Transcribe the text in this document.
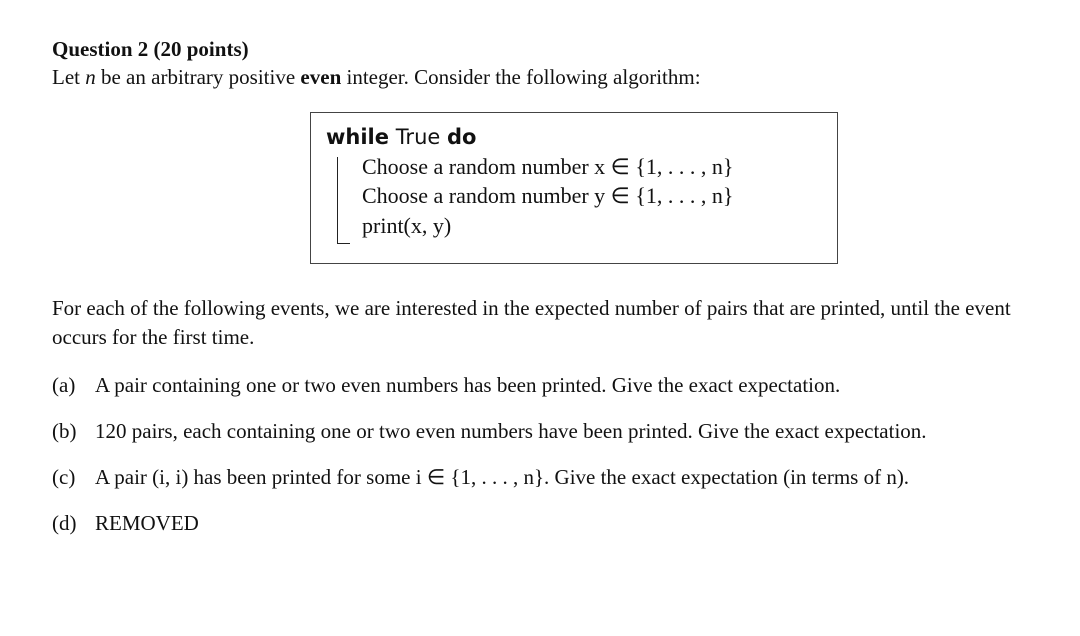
Question 2 (20 points)
Let n be an arbitrary positive even integer. Consider the following algorithm:
while True do
Choose a random number x ∈ {1, . . . , n}
Choose a random number y ∈ {1, . . . , n}
print(x, y)
For each of the following events, we are interested in the expected number of pairs that are printed, until the event occurs for the first time.
(a) A pair containing one or two even numbers has been printed. Give the exact expectation.
(b) 120 pairs, each containing one or two even numbers have been printed. Give the exact expectation.
(c) A pair (i, i) has been printed for some i ∈ {1, . . . , n}. Give the exact expectation (in terms of n).
(d) REMOVED
